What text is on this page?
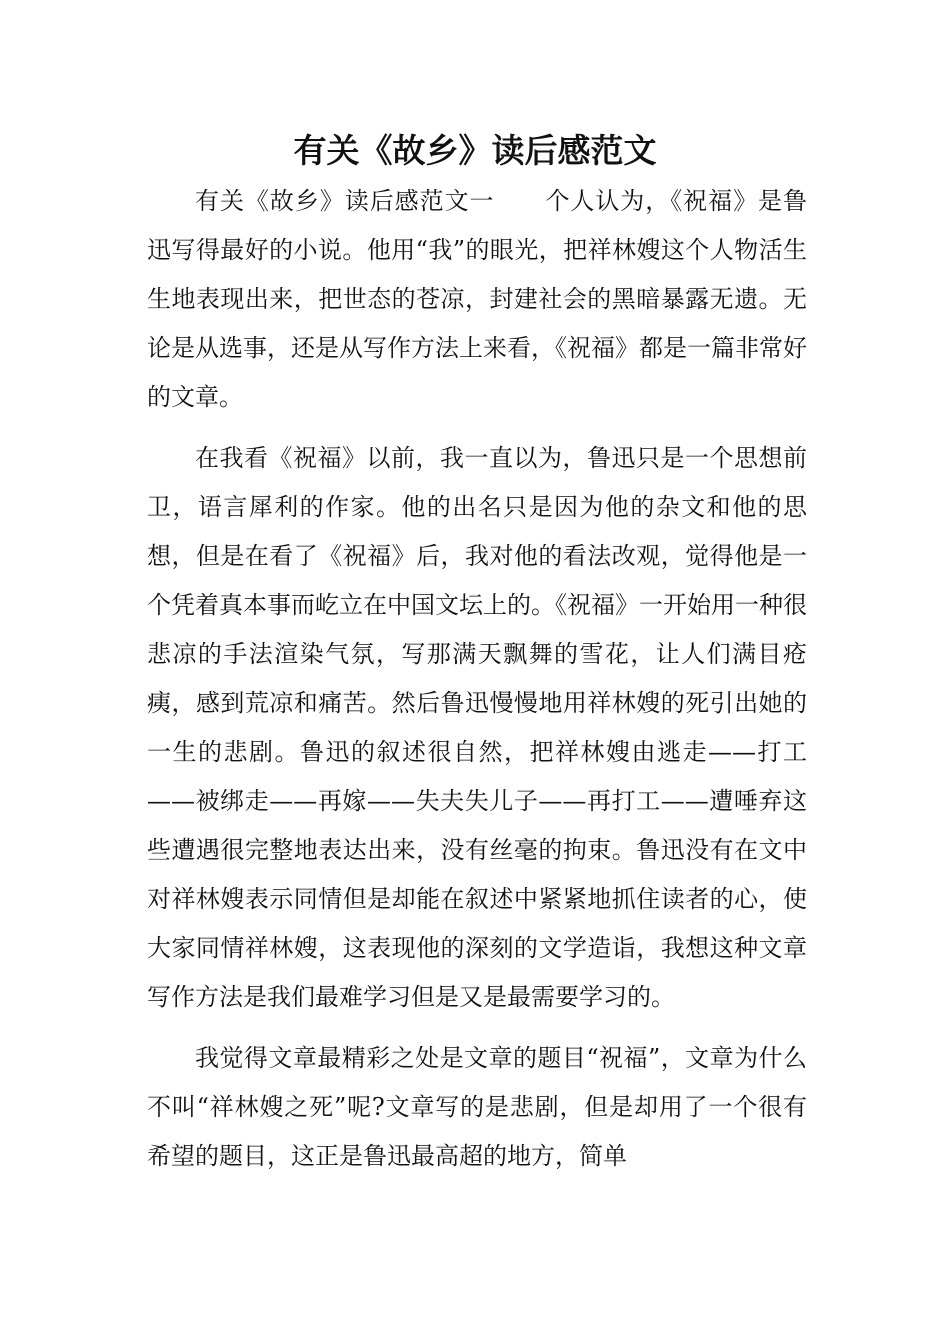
有关《故乡》读后感范文

有关《故乡》读后感范文一 个人认为，《祝福》是鲁迅写得最好的小说。他用“我”的眼光，把祥林嫂这个人物活生生地表现出来，把世态的苍凉，封建社会的黑暗暴露无遗。无论是从选事，还是从写作方法上来看，《祝福》都是一篇非常好的文章。

在我看《祝福》以前，我一直以为，鲁迅只是一个思想前卫，语言犀利的作家。他的出名只是因为他的杂文和他的思想，但是在看了《祝福》后，我对他的看法改观，觉得他是一个凭着真本事而屹立在中国文坛上的。《祝福》一开始用一种很悲凉的手法渲染气氛，写那满天飘舞的雪花，让人们满目疮痍，感到荒凉和痛苦。然后鲁迅慢慢地用祥林嫂的死引出她的一生的悲剧。鲁迅的叙述很自然，把祥林嫂由逃走——打工——被绑走——再嫁——失夫失儿子——再打工——遭唾弃这些遭遇很完整地表达出来，没有丝毫的拘束。鲁迅没有在文中对祥林嫂表示同情但是却能在叙述中紧紧地抓住读者的心，使大家同情祥林嫂，这表现他的深刻的文学造诣，我想这种文章写作方法是我们最难学习但是又是最需要学习的。

我觉得文章最精彩之处是文章的题目“祝福”，文章为什么不叫“祥林嫂之死”呢?文章写的是悲剧，但是却用了一个很有希望的题目，这正是鲁迅最高超的地方，简单
